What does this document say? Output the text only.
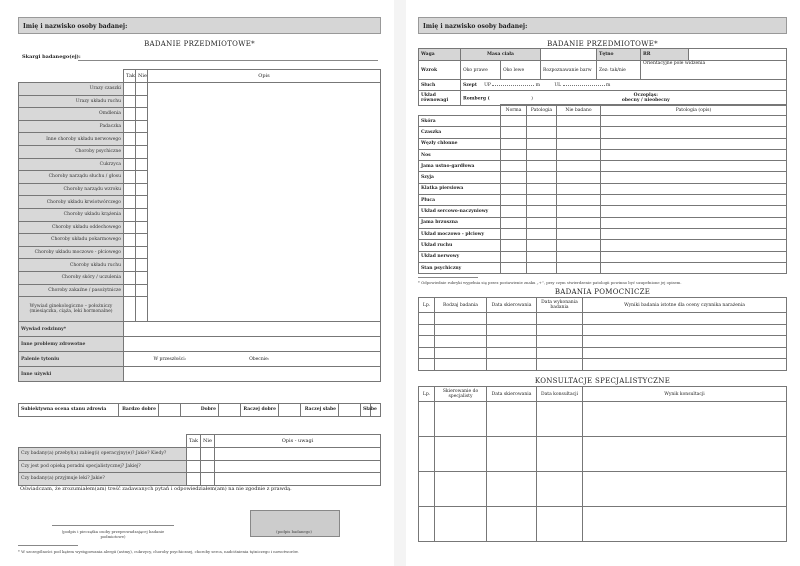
Imię i nazwisko osoby badanej:
BADANIE PRZEDMIOTOWE*
Skargi badanego(ej):
	Tak	Nie	Opis
Urazy czaszki			
Urazy układu ruchu			
Omdlenia			
Padaczka			
Inne choroby układu nerwowego			
Choroby psychiczne			
Cukrzyca			
Choroby narządu słuchu / głosu			
Choroby narządu wzroku			
Choroby układu krwiotwórczego			
Choroby układu krążenia			
Choroby układu oddechowego			
Choroby układu pokarmowego			
Choroby układu moczowo - płciowego			
Choroby układu ruchu			
Choroby skóry / uczulenia			
Choroby zakaźne / pasożytnicze			
Wywiad ginekologiczno – położniczy (miesiączka, ciąża, leki hormonalne)			
Wywiad rodzinny*			
Inne problemy zdrowotne			
Palenie tytoniu	W przeszłości: Obecnie:		
Inne używki			
Subiektywna ocena stanu zdrowia	Bardzo dobre		Dobre		Raczej dobre		Raczej słabe		Słabe	
	Tak	Nie	Opis - uwagi
Czy badany(a) przebył(a) zabieg(i) operacyjny(e)? Jakie? Kiedy?			
Czy jest pod opieką poradni specjalistycznej? Jakiej?			
Czy badany(a) przyjmuje leki? Jakie?			
Oświadczam, że zrozumiałem(am) treść zadawanych pytań i odpowiedziałem(am) na nie zgodnie z prawdą.
(podpis i pieczątka osoby przeprowadzającej badanie podmiotowe)
(podpis badanego)
* W szczególności pod kątem występowania alergii (astmy), cukrzycy, choroby psychicznej, choroby serca, nadciśnienia tętniczego i nowotworów.
Imię i nazwisko osoby badanej:
BADANIE PRZEDMIOTOWE*
Waga	Masa ciała			Tętno	RR	
Wzrok	Oko prawe	Oko lewe	Rozpoznawanie barw	Zez: tak/nie	Orientacyjne pole widzenia	
Słuch	Szept UP m UL m					
Układ równowagi	Romberg ( )  Oczopląs:
obecny / nieobecny					
	Norma	Patologia	Nie badano	Patologia (opis)
Skóra				
Czaszka				
Węzły chłonne				
Nos				
Jama ustno-gardłowa				
Szyja				
Klatka piersiowa				
Płuca				
Układ sercowo-naczyniowy				
Jama brzuszna				
Układ moczowo - płciowy				
Układ ruchu				
Układ nerwowy				
Stan psychiczny				
* Odpowiednie rubryki wypełnia się przez postawienie znaku „+”, przy czym stwierdzenie patologii powinno być uzupełnione jej opisem.
BADANIA POMOCNICZE
Lp.	Rodzaj badania	Data skierowania	Data wykonania badania	Wyniki badania istotne dla oceny czynnika narażenia

KONSULTACJE SPECJALISTYCZNE
Lp.	Skierowanie do specjalisty	Data skierowania	Data konsultacji	Wynik konsultacji
